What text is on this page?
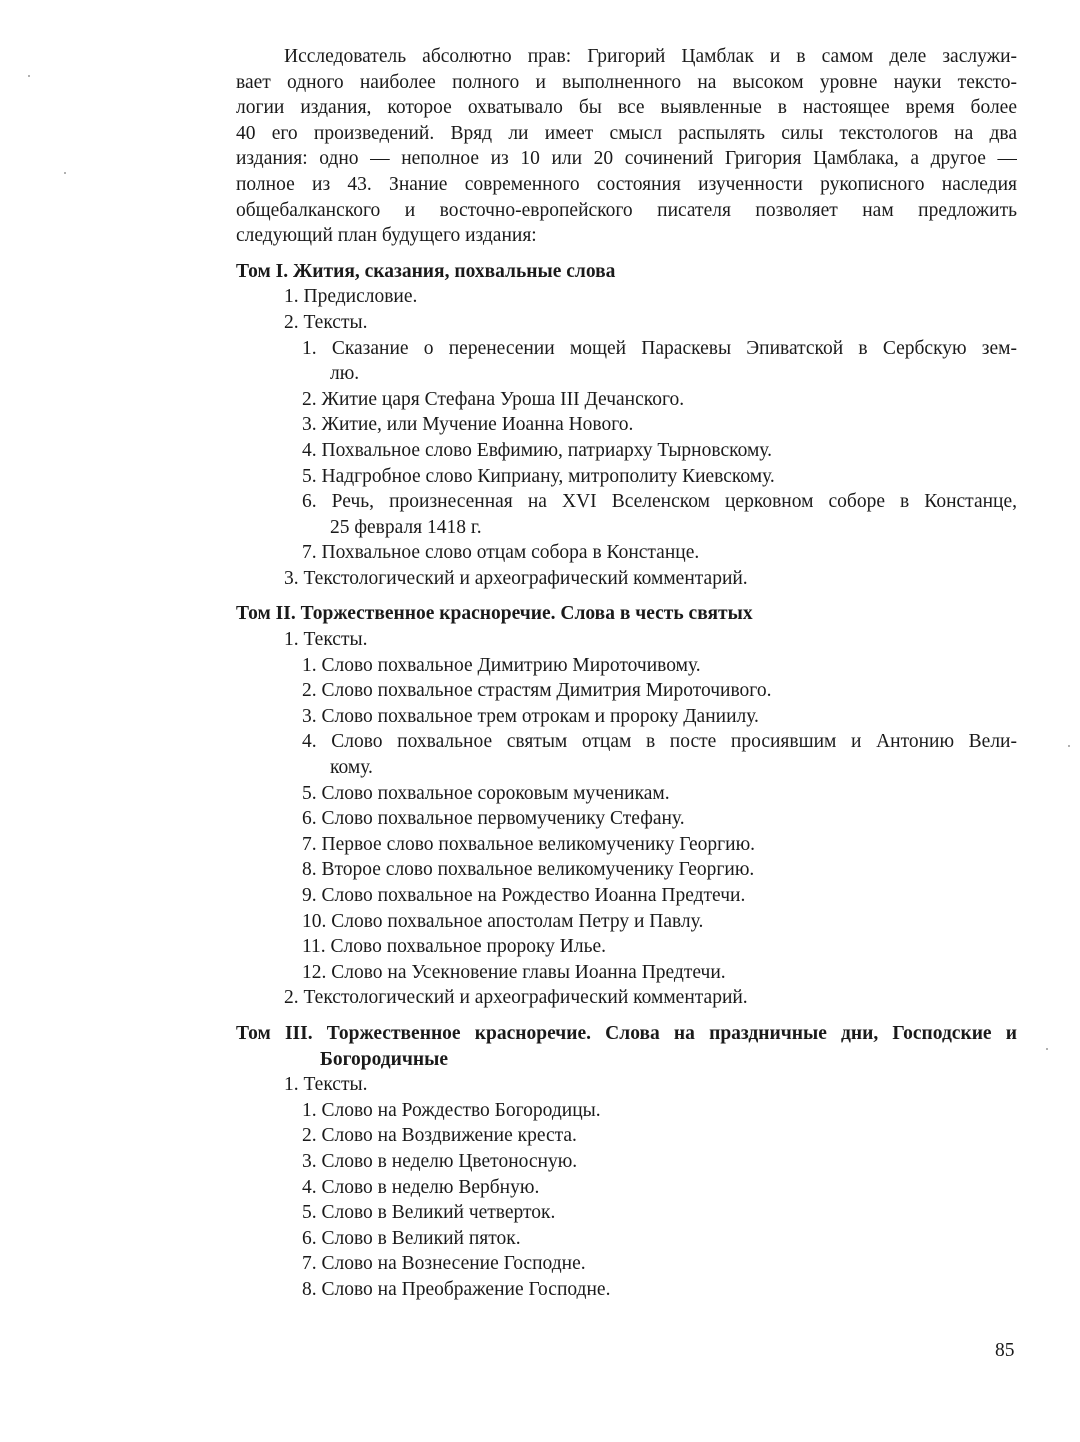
Исследователь абсолютно прав: Григорий Цамблак и в самом деле заслужи-
вает одного наиболее полного и выполненного на высоком уровне науки тексто-
логии издания, которое охватывало бы все выявленные в настоящее время более
40 его произведений. Вряд ли имеет смысл распылять силы текстологов на два
издания: одно — неполное из 10 или 20 сочинений Григория Цамблака, а другое —
полное из 43. Знание современного состояния изученности рукописного наследия
общебалканского и восточно-европейского писателя позволяет нам предложить
следующий план будущего издания:
Том I. Жития, сказания, похвальные слова
1. Предисловие.
2. Тексты.
1. Сказание о перенесении мощей Параскевы Эпиватской в Сербскую зем-
лю.
2. Житие царя Стефана Уроша III Дечанского.
3. Житие, или Мучение Иоанна Нового.
4. Похвальное слово Евфимию, патриарху Тырновскому.
5. Надгробное слово Киприану, митрополиту Киевскому.
6. Речь, произнесенная на XVI Вселенском церковном соборе в Констанце,
25 февраля 1418 г.
7. Похвальное слово отцам собора в Констанце.
3. Текстологический и археографический комментарий.
Том II. Торжественное красноречие. Слова в честь святых
1. Тексты.
1. Слово похвальное Димитрию Мироточивому.
2. Слово похвальное страстям Димитрия Мироточивого.
3. Слово похвальное трем отрокам и пророку Даниилу.
4. Слово похвальное святым отцам в посте просиявшим и Антонию Вели-
кому.
5. Слово похвальное сороковым мученикам.
6. Слово похвальное первомученику Стефану.
7. Первое слово похвальное великомученику Георгию.
8. Второе слово похвальное великомученику Георгию.
9. Слово похвальное на Рождество Иоанна Предтечи.
10. Слово похвальное апостолам Петру и Павлу.
11. Слово похвальное пророку Илье.
12. Слово на Усекновение главы Иоанна Предтечи.
2. Текстологический и археографический комментарий.
Том III. Торжественное красноречие. Слова на праздничные дни, Господские и
Богородичные
1. Тексты.
1. Слово на Рождество Богородицы.
2. Слово на Воздвижение креста.
3. Слово в неделю Цветоносную.
4. Слово в неделю Вербную.
5. Слово в Великий четверток.
6. Слово в Великий пяток.
7. Слово на Вознесение Господне.
8. Слово на Преображение Господне.
85
